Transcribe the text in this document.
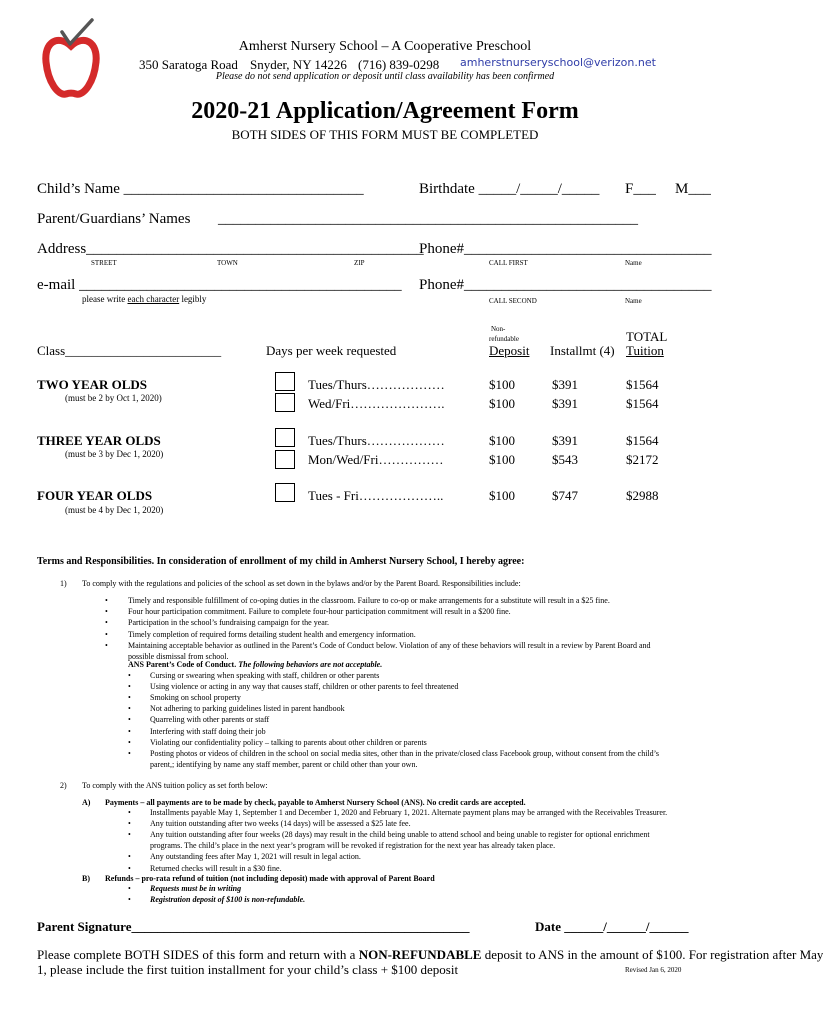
Amherst Nursery School – A Cooperative Preschool
350 Saratoga Road Snyder, NY 14226 (716) 839-0298 amherstnurseryschool@verizon.net
Please do not send application or deposit until class availability has been confirmed
2020-21 Application/Agreement Form
BOTH SIDES OF THIS FORM MUST BE COMPLETED
Child’s Name ________________________________	Birthdate _____/_____/_____ F___ M___
Parent/Guardians’ Names ________________________________________________________
Address_____________________________________________
STREET	TOWN	ZIP
Phone#_________________________________
CALL FIRST	Name
e-mail ___________________________________________
please write each character legibly
Phone#_________________________________
CALL SECOND	Name
Class________________________	Days per week requested
Non-
refundable
Deposit Installmt (4)
TOTAL
Tuition
TWO YEAR OLDS
(must be 2 by Oct 1, 2020)
Tues/Thurs………………	$100	$391	$1564
Wed/Fri………………….	$100	$391	$1564
THREE YEAR OLDS
(must be 3 by Dec 1, 2020)
Tues/Thurs………………	$100	$391	$1564
Mon/Wed/Fri……………	$100	$543	$2172
FOUR YEAR OLDS
(must be 4 by Dec 1, 2020)
Tues - Fri………………..	$100	$747	$2988
Terms and Responsibilities. In consideration of enrollment of my child in Amherst Nursery School, I hereby agree:
1) To comply with the regulations and policies of the school as set down in the bylaws and/or by the Parent Board. Responsibilities include:
•	Timely and responsible fulfillment of co-oping duties in the classroom. Failure to co-op or make arrangements for a substitute will result in a $25 fine.
•	Four hour participation commitment. Failure to complete four-hour participation commitment will result in a $200 fine.
•	Participation in the school’s fundraising campaign for the year.
•	Timely completion of required forms detailing student health and emergency information.
•	Maintaining acceptable behavior as outlined in the Parent’s Code of Conduct below. Violation of any of these behaviors will result in a review by Parent Board and
possible dismissal from school.
ANS Parent’s Code of Conduct. The following behaviors are not acceptable.
• Cursing or swearing when speaking with staff, children or other parents
• Using violence or acting in any way that causes staff, children or other parents to feel threatened
• Smoking on school property
• Not adhering to parking guidelines listed in parent handbook
• Quarreling with other parents or staff
• Interfering with staff doing their job
• Violating our confidentiality policy – talking to parents about other children or parents
• Posting photos or videos of children in the school on social media sites, other than in the private/closed class Facebook group, without consent from the child’s
parent,; identifying by name any staff member, parent or child other than your own.
2) To comply with the ANS tuition policy as set forth below:
A) Payments – all payments are to be made by check, payable to Amherst Nursery School (ANS). No credit cards are accepted.
• Installments payable May 1, September 1 and December 1, 2020 and February 1, 2021. Alternate payment plans may be arranged with the Receivables Treasurer.
• Any tuition outstanding after two weeks (14 days) will be assessed a $25 late fee.
• Any tuition outstanding after four weeks (28 days) may result in the child being unable to attend school and being unable to register for optional enrichment
programs. The child’s place in the next year’s program will be revoked if registration for the next year has already taken place.
• Any outstanding fees after May 1, 2021 will result in legal action.
• Returned checks will result in a $30 fine.
B) Refunds – pro-rata refund of tuition (not including deposit) made with approval of Parent Board
• Requests must be in writing
• Registration deposit of $100 is non-refundable.
Parent Signature____________________________________________________	Date ______/______/______
Please complete BOTH SIDES of this form and return with a NON-REFUNDABLE deposit to ANS in the amount of $100. For registration after May
1, please include the first tuition installment for your child’s class + $100 deposit	Revised Jan 6, 2020
